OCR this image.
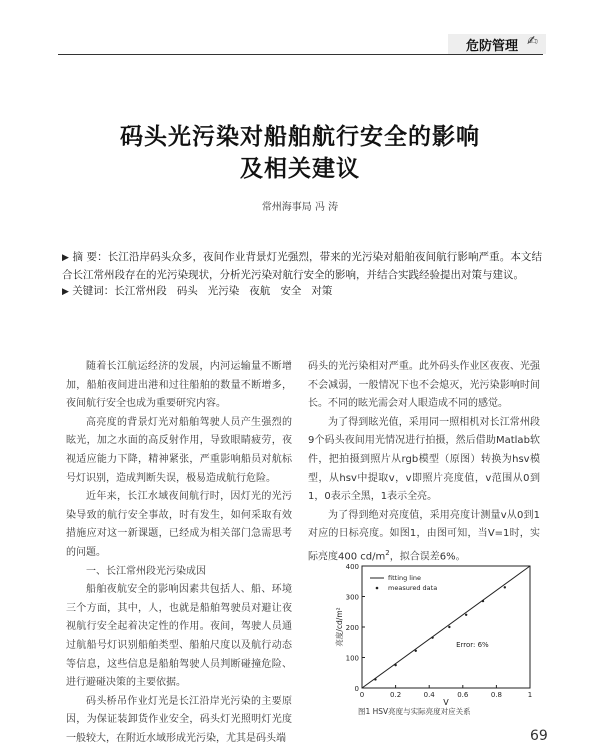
危防管理 ✍
码头光污染对船舶航行安全的影响
及相关建议
常州海事局 冯 涛
▶ 摘 要：长江沿岸码头众多，夜间作业背景灯光强烈，带来的光污染对船舶夜间航行影响严重。本文结合长江常州段存在的光污染现状，分析光污染对航行安全的影响，并结合实践经验提出对策与建议。
▶ 关键词：长江常州段   码头   光污染   夜航   安全   对策

随着长江航运经济的发展，内河运输量不断增加，船舶夜间进出港和过往船舶的数量不断增多，夜间航行安全也成为重要研究内容。

高亮度的背景灯光对船舶驾驶人员产生强烈的眩光，加之水面的高反射作用，导致眼睛疲劳，夜视适应能力下降，精神紧张，严重影响船员对航标号灯识别，造成判断失误，极易造成航行危险。

近年来，长江水域夜间航行时，因灯光的光污染导致的航行安全事故，时有发生，如何采取有效措施应对这一新课题，已经成为相关部门急需思考的问题。

一、长江常州段光污染成因

船舶夜航安全的影响因素共包括人、船、环境三个方面，其中，人，也就是船舶驾驶员对避让夜视航行安全起着决定性的作用。夜间，驾驶人员通过航船号灯识别船舶类型、船舶尺度以及航行动态等信息，这些信息是船舶驾驶人员判断碰撞危险、进行避碰决策的主要依据。

码头桥吊作业灯光是长江沿岸光污染的主要原因，为保证装卸货作业安全，码头灯光照明灯光度一般较大，在附近水域形成光污染，尤其是码头端

码头的光污染相对严重。此外码头作业区夜夜、光强不会减弱，一般情况下也不会熄灭，光污染影响时间长。不同的眩光需会对人眼造成不同的感觉。

为了得到眩光值，采用同一照相机对长江常州段9个码头夜间用光情况进行拍摄，然后借助Matlab软件，把拍摄到照片从rgb模型（原图）转换为hsv模型，从hsv中提取v，v即照片亮度值，v范围从0到1，0表示全黑，1表示全亮。

为了得到绝对亮度值，采用亮度计测量v从0到1对应的日标亮度。如图1，由图可知，当V=1时，实际亮度400 $cd/m^2$，拟合误差6%。

0
100
200
300
400
0	0.2	0.4	0.6	0.8	1
V
亮度/cd/m²
fitting line
measured data
Error: 6%
图1 HSV亮度与实际亮度对应关系
69
